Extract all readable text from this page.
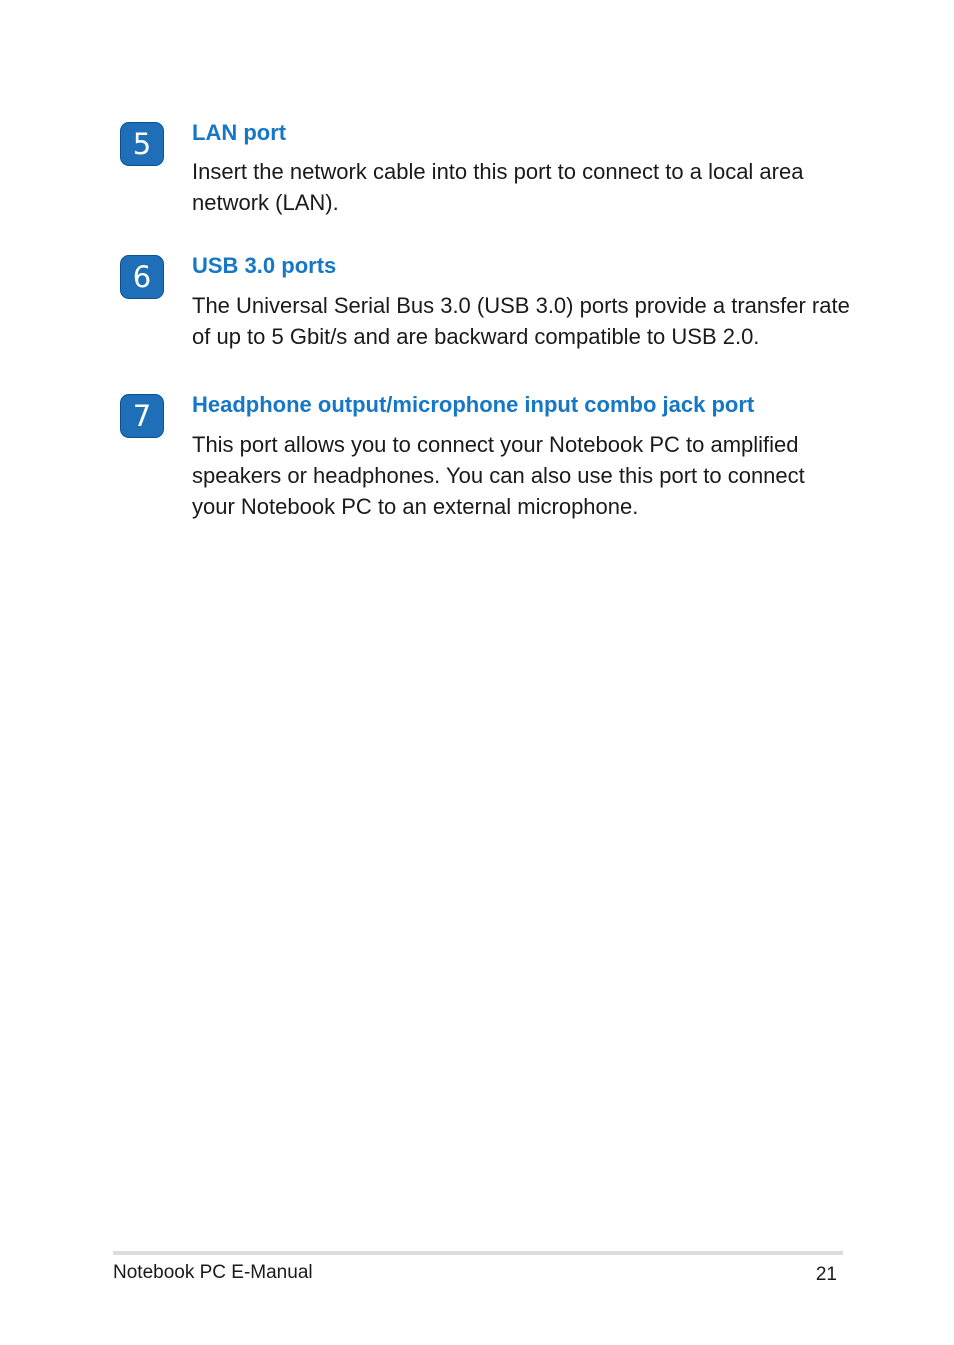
5	LAN port

Insert the network cable into this port to connect to a local area network (LAN).

6	USB 3.0 ports

The Universal Serial Bus 3.0 (USB 3.0) ports provide a transfer rate of up to 5 Gbit/s and are backward compatible to USB 2.0.

7	Headphone output/microphone input combo jack port

This port allows you to connect your Notebook PC to amplified speakers or headphones. You can also use this port to connect your Notebook PC to an external microphone.

Notebook PC E-Manual	21
